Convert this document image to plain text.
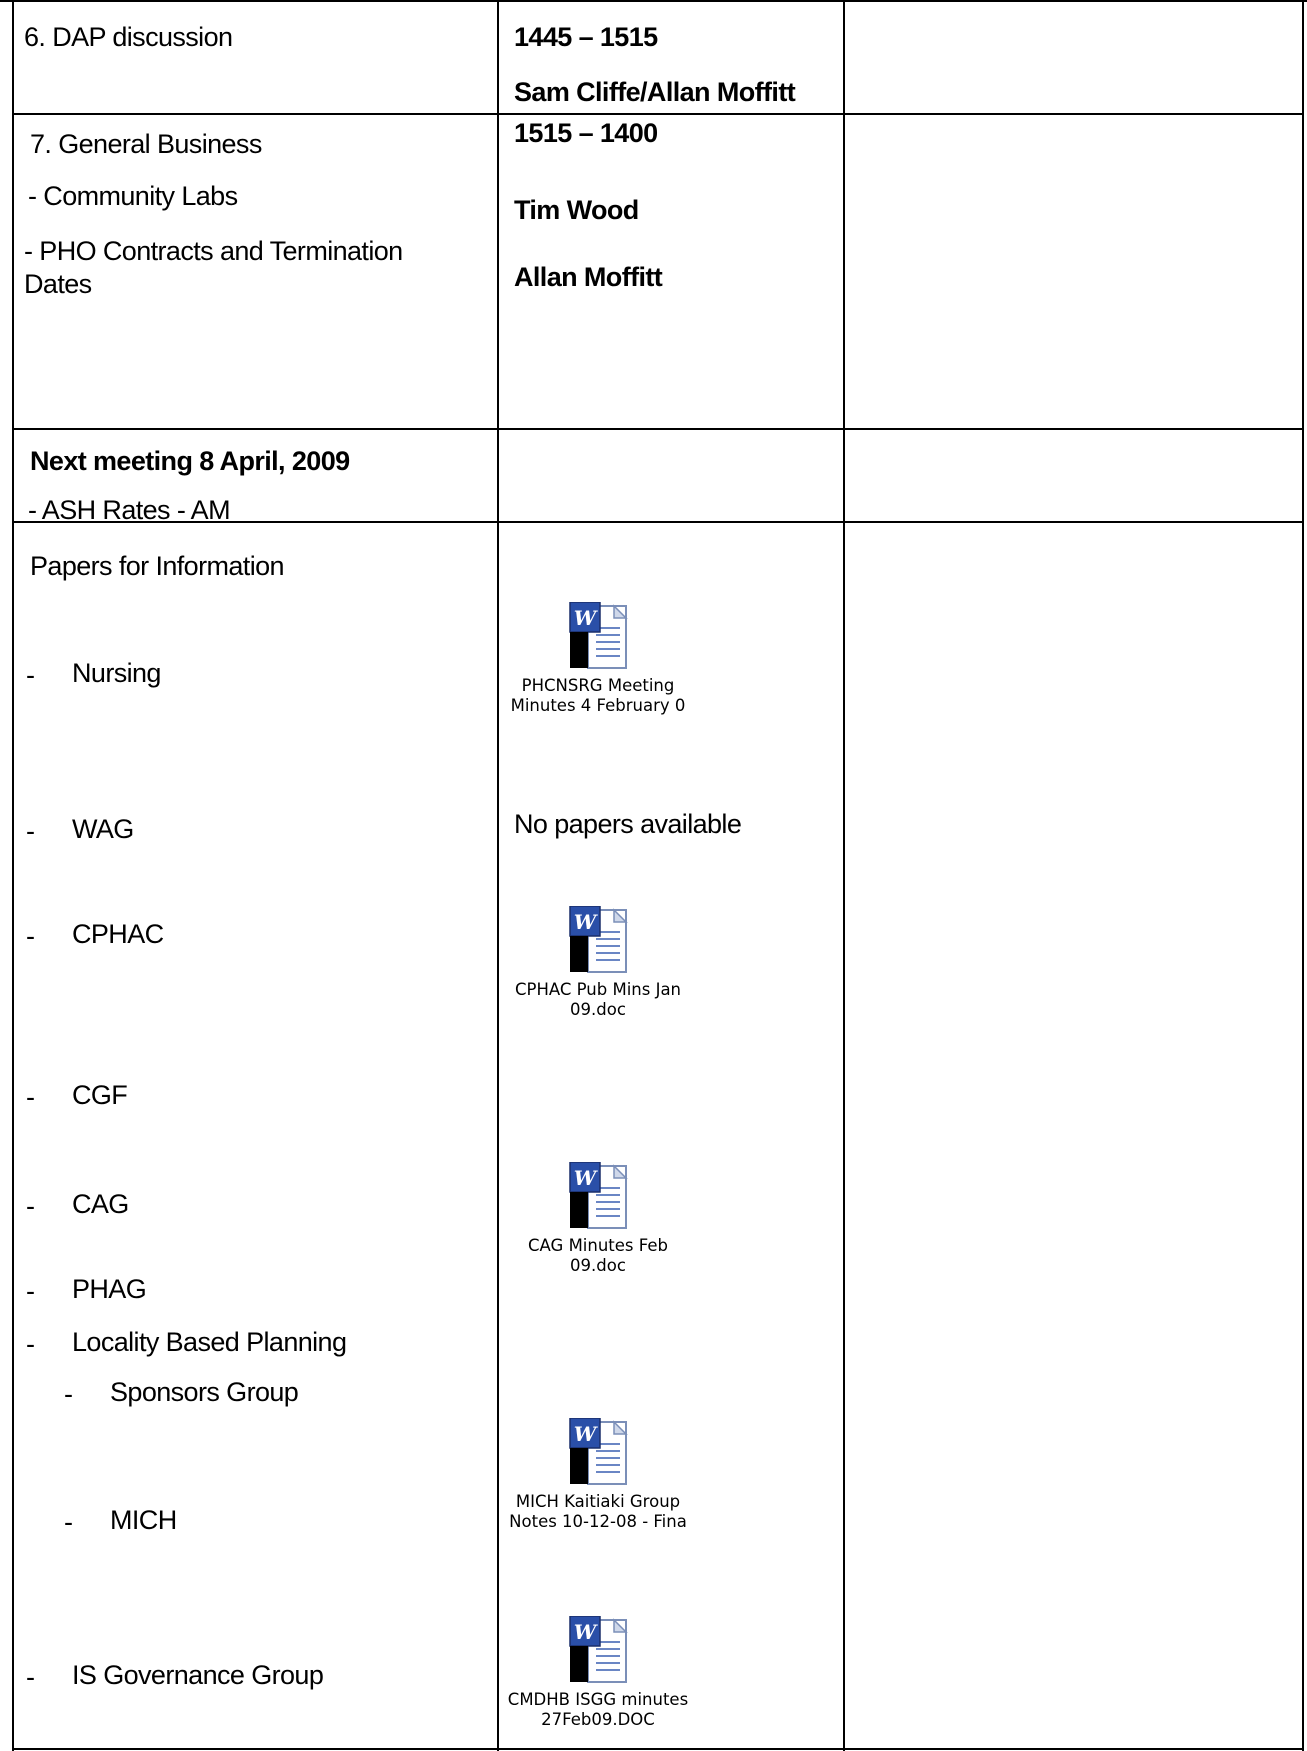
6. DAP discussion	1445 – 1515
Sam Cliffe/Allan Moffitt
7. General Business
- Community Labs
- PHO Contracts and Termination
Dates
1515 – 1400
Tim Wood
Allan Moffitt
Next meeting 8 April, 2009
- ASH Rates - AM
Papers for Information
- Nursing
- WAG
- CPHAC
- CGF
- CAG
- PHAG
- Locality Based Planning
- Sponsors Group
- MICH
- IS Governance Group
No papers available
W
PHCNSRG Meeting
Minutes 4 February 0
W
CPHAC Pub Mins Jan
09.doc
W
CAG Minutes Feb
09.doc
W
MICH Kaitiaki Group
Notes 10-12-08 - Fina
W
CMDHB ISGG minutes
27Feb09.DOC
